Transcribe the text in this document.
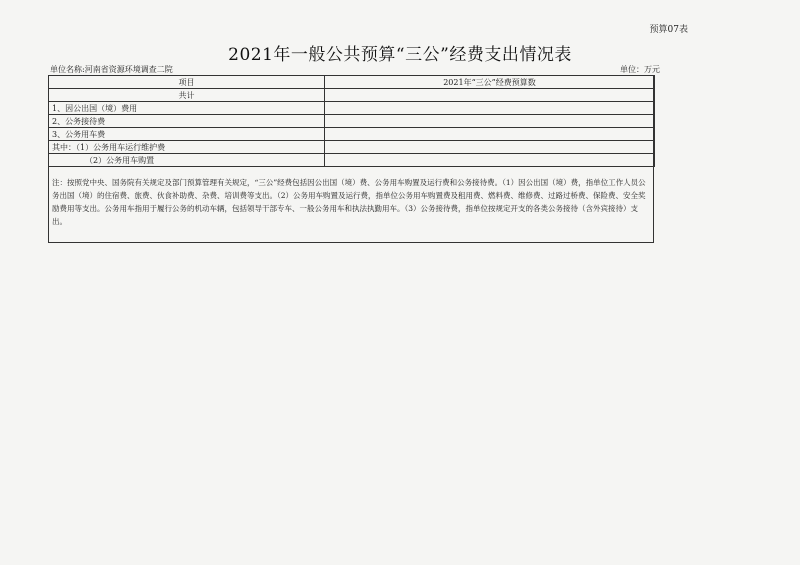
预算07表
2021年一般公共预算“三公”经费支出情况表
单位名称:河南省资源环境调查二院	单位：万元
项目	2021年“三公”经费预算数
共计	
1、因公出国（境）费用	
2、公务接待费	
3、公务用车费	
其中：（1）公务用车运行维护费	
（2）公务用车购置	
注：按照党中央、国务院有关规定及部门预算管理有关规定，“三公”经费包括因公出国（境）费、公务用车购置及运行费和公务接待费。（1）因公出国（境）费，指单位工作人员公务出国（境）的住宿费、旅费、伙食补助费、杂费、培训费等支出。（2）公务用车购置及运行费，指单位公务用车购置费及租用费、燃料费、维修费、过路过桥费、保险费、安全奖励费用等支出。公务用车指用于履行公务的机动车辆，包括领导干部专车、一般公务用车和执法执勤用车。（3）公务接待费，指单位按规定开支的各类公务接待（含外宾接待）支出。
